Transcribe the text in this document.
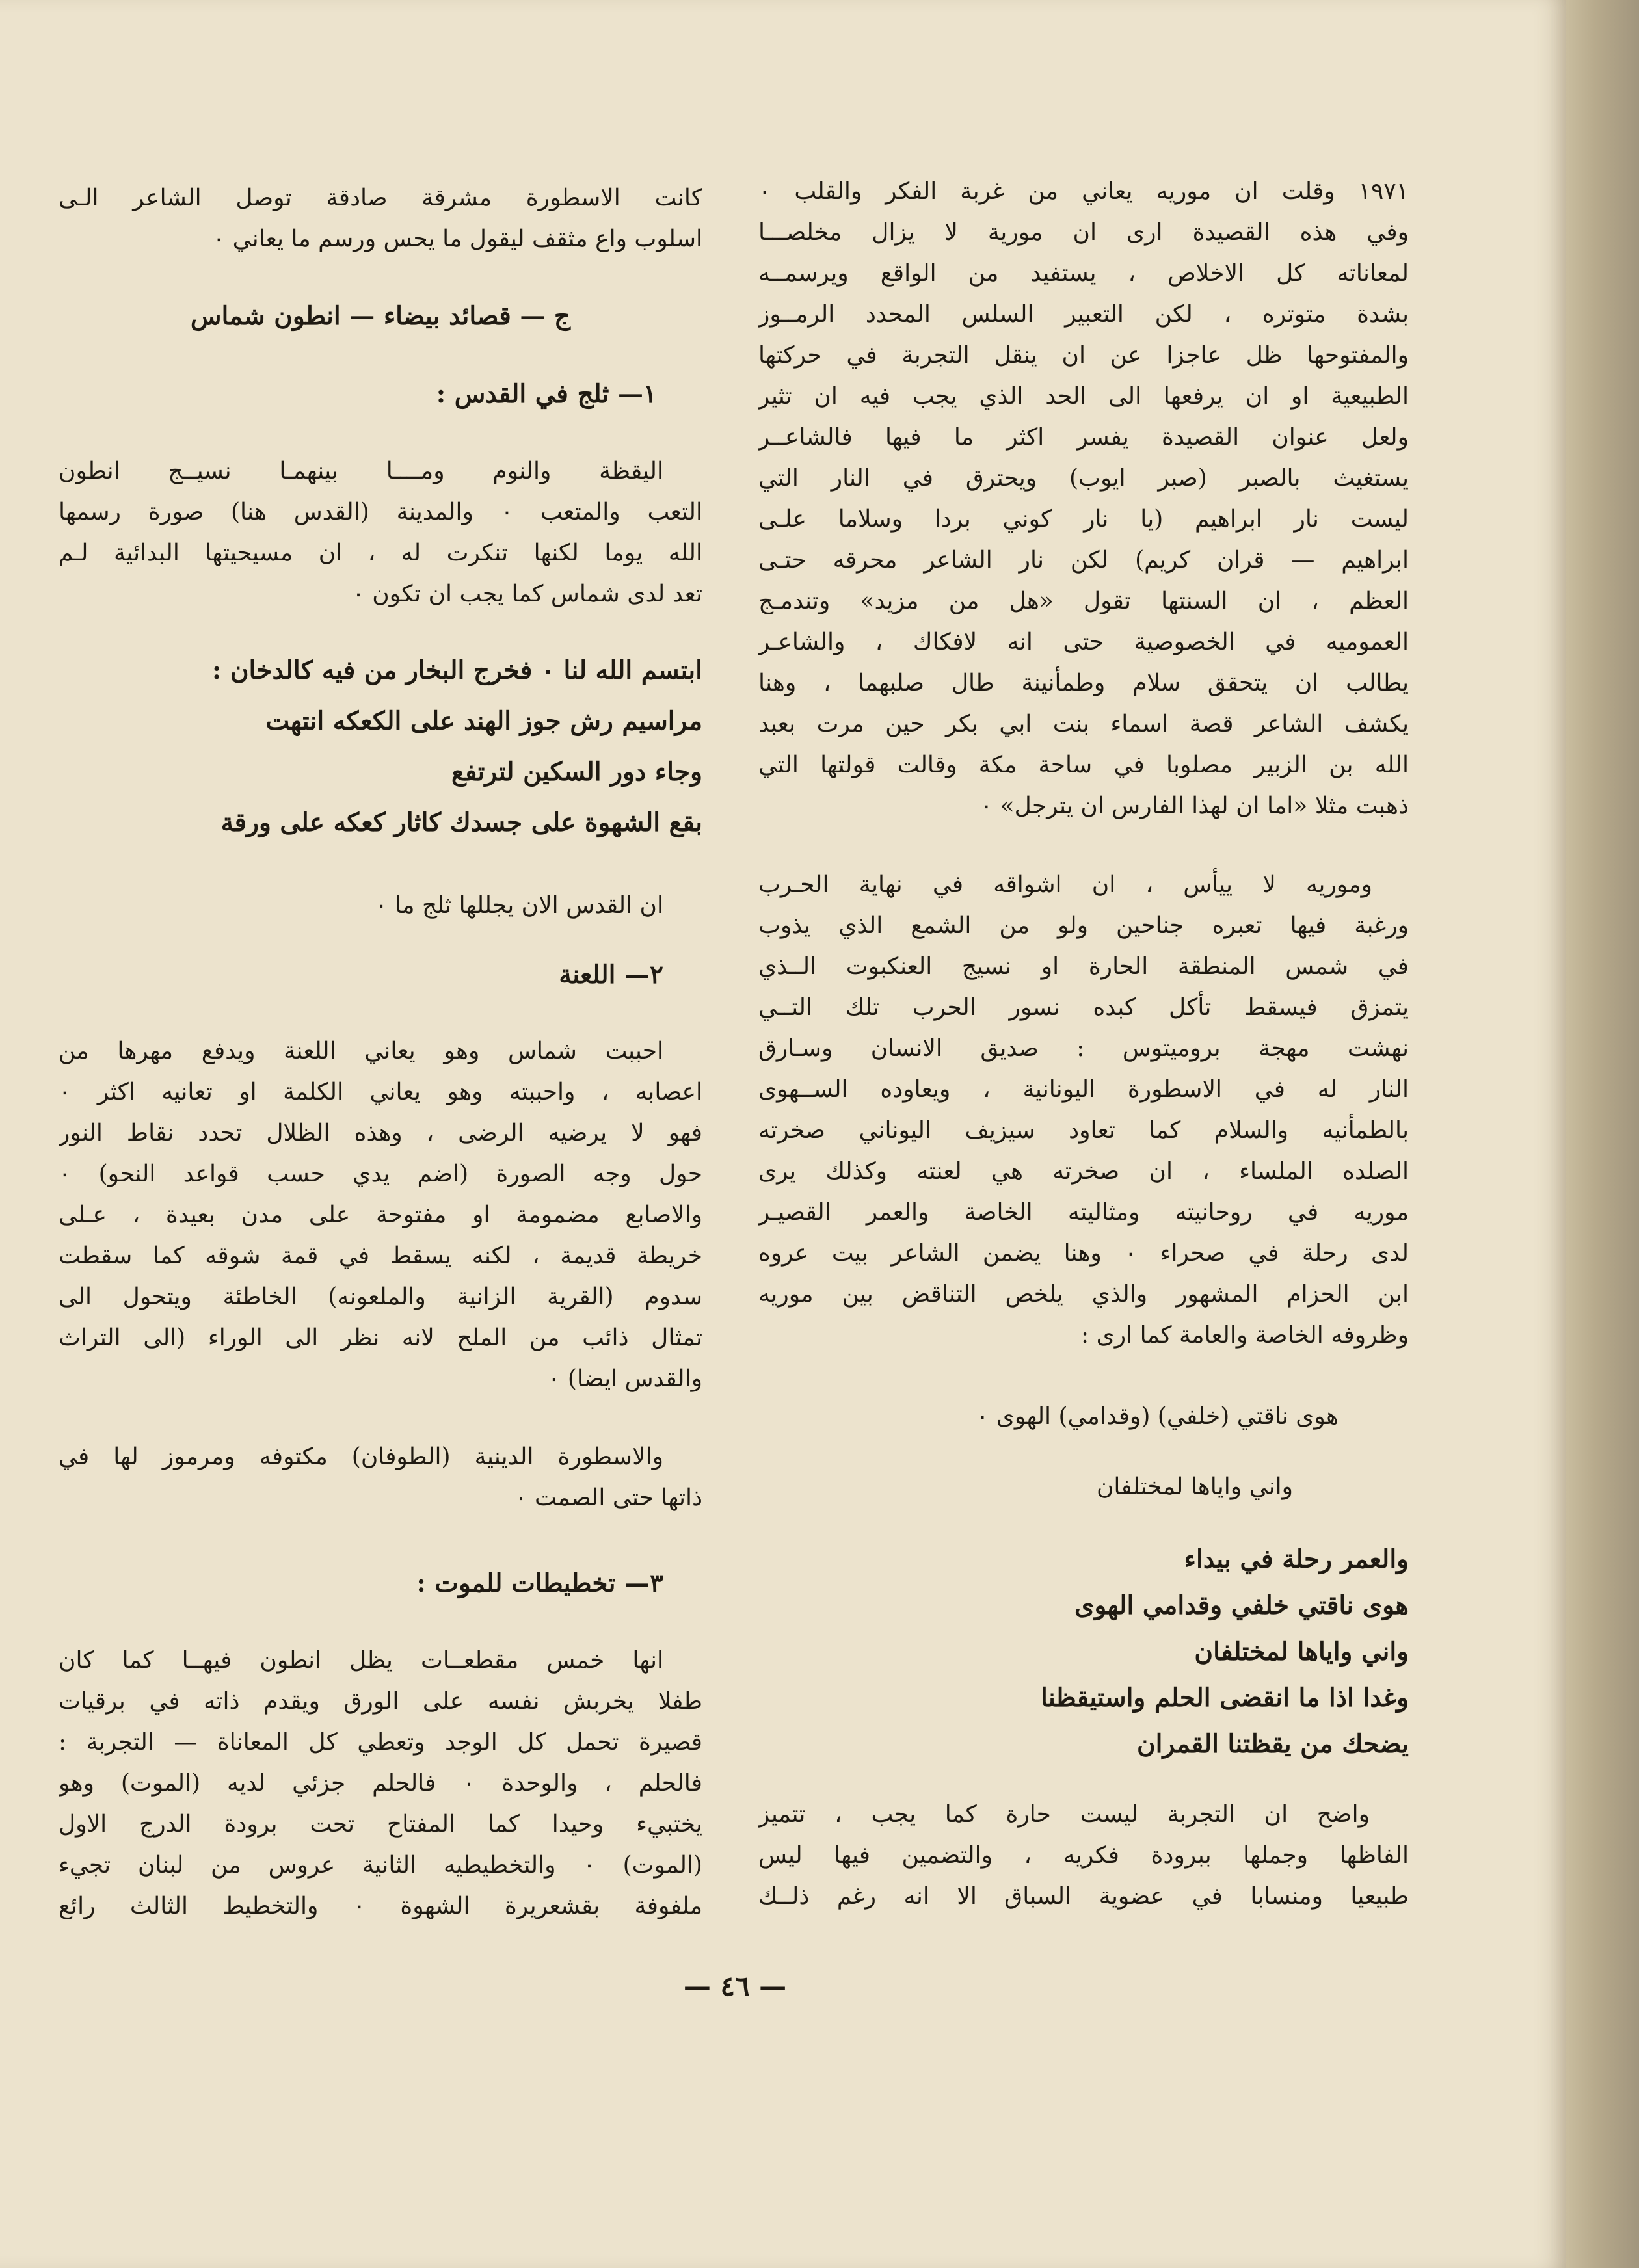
١٩٧١ وقلت ان موريه يعاني من غربة الفكر والقلب ٠
وفي هذه القصيدة ارى ان مورية لا يزال مخلصـــا
لمعاناته كل الاخلاص ، يستفيد من الواقع ويرسمــه
بشدة متوتره ، لكن التعبير السلس المحدد الرمــوز
والمفتوحها ظل عاجزا عن ان ينقل التجربة في حركتها
الطبيعية او ان يرفعها الى الحد الذي يجب فيه ان تثير
ولعل عنوان القصيدة يفسر اكثر ما فيها فالشاعــر
يستغيث بالصبر (صبر ايوب) ويحترق في النار التي
ليست نار ابراهيم (يا نار كوني بردا وسلاما علـى
ابراهيم — قران كريم) لكن نار الشاعر محرقه حتـى
العظم ، ان السنتها تقول «هل من مزيد» وتندمـج
العموميه في الخصوصية حتى انه لافكاك ، والشاعـر
يطالب ان يتحقق سلام وطمأنينة طال صلبهما ، وهنا
يكشف الشاعر قصة اسماء بنت ابي بكر حين مرت بعبد
الله بن الزبير مصلوبا في ساحة مكة وقالت قولتها التي
ذهبت مثلا «اما ان لهذا الفارس ان يترجل» ٠
وموريه لا ييأس ، ان اشواقه في نهاية الحـرب
ورغبة فيها تعبره جناحين ولو من الشمع الذي يذوب
في شمس المنطقة الحارة او نسيج العنكبوت الــذي
يتمزق فيسقط تأكل كبده نسور الحرب تلك التــي
نهشت مهجة بروميتوس : صديق الانسان وسـارق
النار له في الاسطورة اليونانية ، ويعاوده الســهوى
بالطمأنيه والسلام كما تعاود سيزيف اليوناني صخرته
الصلده الملساء ، ان صخرته هي لعنته وكذلك يرى
موريه في روحانيته ومثاليته الخاصة والعمر القصيـر
لدى رحلة في صحراء ٠ وهنا يضمن الشاعر بيت عروه
ابن الحزام المشهور والذي يلخص التناقض بين موريه
وظروفه الخاصة والعامة كما ارى :
هوى ناقتي (خلفي) (وقدامي) الهوى ٠
واني واياها لمختلفان
والعمر رحلة في بيداء
هوى ناقتي خلفي وقدامي الهوى
واني واياها لمختلفان
وغدا اذا ما انقضى الحلم واستيقظنا
يضحك من يقظتنا القمران
واضح ان التجربة ليست حارة كما يجب ، تتميز
الفاظها وجملها ببرودة فكريه ، والتضمين فيها ليس
طبيعيا ومنسابا في عضوية السباق الا انه رغم ذلــك
كانت الاسطورة مشرقة صادقة توصل الشاعر الـى
اسلوب واع مثقف ليقول ما يحس ورسم ما يعاني ٠
ج — قصائد بيضاء — انطون شماس
١— ثلج في القدس :
اليقظة والنوم ومــــا بينهمـا نسيــج انطون
التعب والمتعب ٠ والمدينة (القدس هنا) صورة رسمها
الله يوما لكنها تنكرت له ، ان مسيحيتها البدائية لـم
تعد لدى شماس كما يجب ان تكون ٠
ابتسم الله لنا ٠ فخرج البخار من فيه كالدخان :
مراسيم رش جوز الهند على الكعكه انتهت
وجاء دور السكين لترتفع
بقع الشهوة على جسدك كاثار كعكه على ورقة
ان القدس الان يجللها ثلج ما ٠
٢— اللعنة
احببت شماس وهو يعاني اللعنة ويدفع مهرها من
اعصابه ، واحببته وهو يعاني الكلمة او تعانيه اكثر ٠
فهو لا يرضيه الرضى ، وهذه الظلال تحدد نقاط النور
حول وجه الصورة (اضم يدي حسب قواعد النحو) ٠
والاصابع مضمومة او مفتوحة على مدن بعيدة ، عـلى
خريطة قديمة ، لكنه يسقط في قمة شوقه كما سقطت
سدوم (القرية الزانية والملعونه) الخاطئة ويتحول الى
تمثال ذائب من الملح لانه نظر الى الوراء (الى التراث
والقدس ايضا) ٠
والاسطورة الدينية (الطوفان) مكتوفه ومرموز لها في
ذاتها حتى الصمت ٠
٣— تخطيطات للموت :
انها خمس مقطعــات يظل انطون فيهــا كما كان
طفلا يخربش نفسه على الورق ويقدم ذاته في برقيات
قصيرة تحمل كل الوجد وتعطي كل المعاناة — التجربة :
فالحلم ، والوحدة ٠ فالحلم جزئي لديه (الموت) وهو
يختبيء وحيدا كما المفتاح تحت برودة الدرج الاول
(الموت) ٠ والتخطيطيه الثانية عروس من لبنان تجيء
ملفوفة بقشعريرة الشهوة ٠ والتخطيط الثالث رائع
— ٤٦ —
